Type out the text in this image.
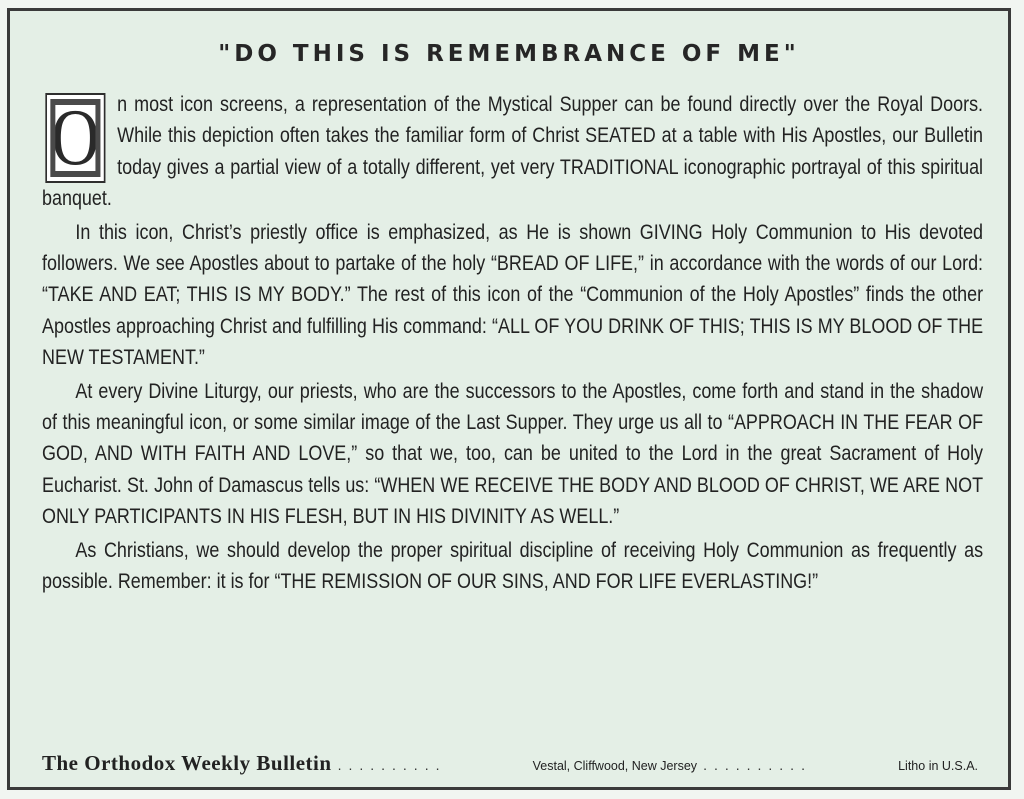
"DO THIS IS REMEMBRANCE OF ME"

O n most icon screens, a representation of the Mystical Supper can be found directly over the Royal Doors. While this depiction often takes the familiar form of Christ SEATED at a table with His Apostles, our Bulletin today gives a partial view of a totally different, yet very TRADITIONAL iconographic portrayal of this spiritual banquet.

In this icon, Christ’s priestly office is emphasized, as He is shown GIVING Holy Communion to His devoted followers. We see Apostles about to partake of the holy “BREAD OF LIFE,” in accordance with the words of our Lord: “TAKE AND EAT; THIS IS MY BODY.” The rest of this icon of the “Communion of the Holy Apostles” finds the other Apostles approaching Christ and fulfilling His command: “ALL OF YOU DRINK OF THIS; THIS IS MY BLOOD OF THE NEW TESTAMENT.”

At every Divine Liturgy, our priests, who are the successors to the Apostles, come forth and stand in the shadow of this meaningful icon, or some similar image of the Last Supper. They urge us all to “APPROACH IN THE FEAR OF GOD, AND WITH FAITH AND LOVE,” so that we, too, can be united to the Lord in the great Sacrament of Holy Eucharist. St. John of Damascus tells us: “WHEN WE RECEIVE THE BODY AND BLOOD OF CHRIST, WE ARE NOT ONLY PARTICIPANTS IN HIS FLESH, BUT IN HIS DIVINITY AS WELL.”

As Christians, we should develop the proper spiritual discipline of receiving Holy Communion as frequently as possible. Remember: it is for “THE REMISSION OF OUR SINS, AND FOR LIFE EVERLASTING!”

The Orthodox Weekly Bulletin ..........	Vestal, Cliffwood, New Jersey ..........	Litho in U.S.A.
